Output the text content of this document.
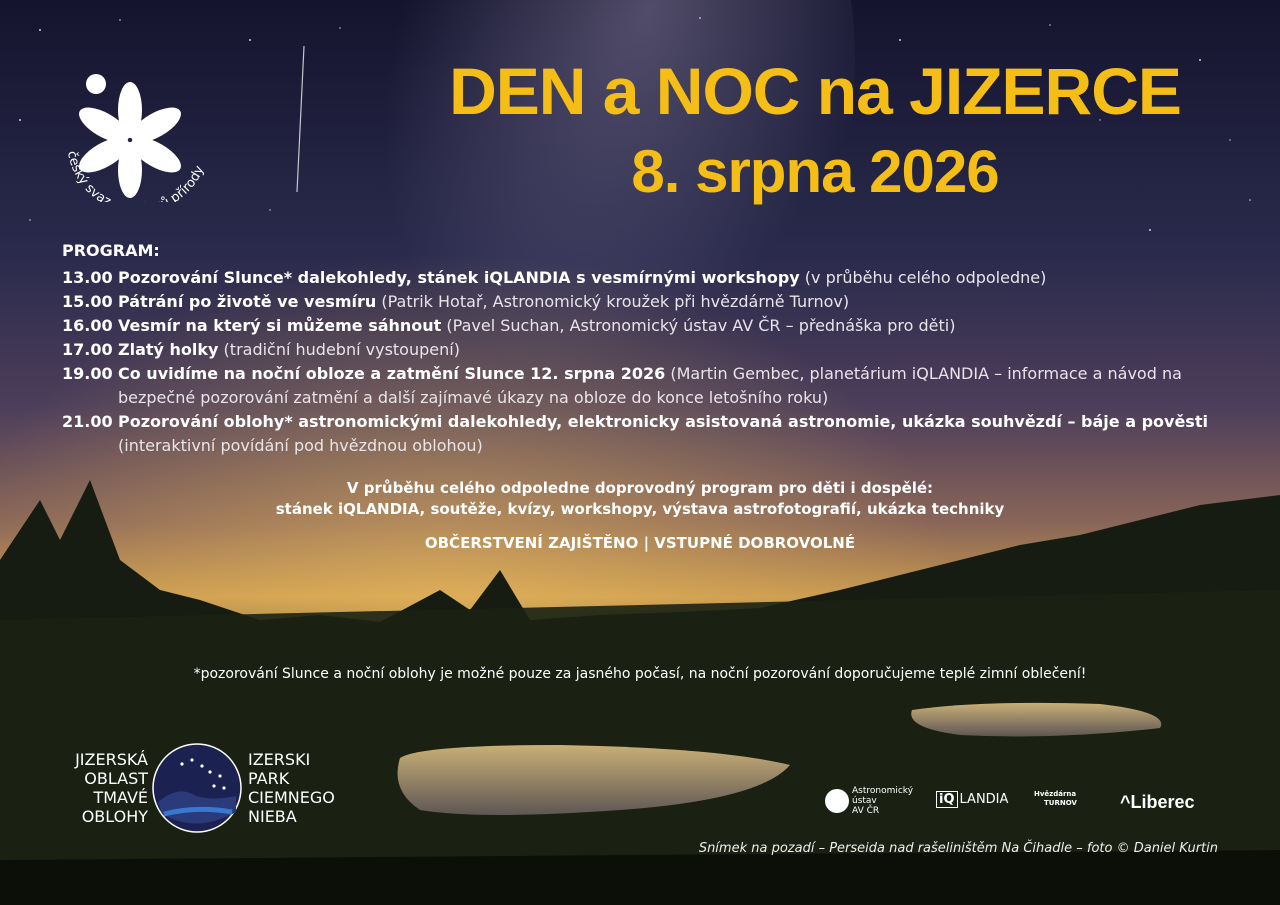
český svaz přírody
DEN a NOC na JIZERCE
8. srpna 2026
PROGRAM:
13.00 Pozorování Slunce* dalekohledy, stánek iQLANDIA s vesmírnými workshopy (v průběhu celého odpoledne)
15.00 Pátrání po životě ve vesmíru (Patrik Hotař, Astronomický kroužek při hvězdárně Turnov)
16.00 Vesmír na který si můžeme sáhnout (Pavel Suchan, Astronomický ústav AV ČR – přednáška pro děti)
17.00 Zlatý holky (tradiční hudební vystoupení)
19.00 Co uvidíme na noční obloze a zatmění Slunce 12. srpna 2026 (Martin Gembec, planetárium iQLANDIA – informace a návod na bezpečné pozorování zatmění a další zajímavé úkazy na obloze do konce letošního roku)
21.00 Pozorování oblohy* astronomickými dalekohledy, elektronicky asistovaná astronomie, ukázka souhvězdí – báje a pověsti (interaktivní povídání pod hvězdnou oblohou)
V průběhu celého odpoledne doprovodný program pro děti i dospělé:
stánek iQLANDIA, soutěže, kvízy, workshopy, výstava astrofotografií, ukázka techniky
OBČERSTVENÍ ZAJIŠTĚNO | VSTUPNÉ DOBROVOLNÉ
*pozorování Slunce a noční oblohy je možné pouze za jasného počasí, na noční pozorování doporučujeme teplé zimní oblečení!
JIZERSKÁ
OBLAST
TMAVÉ
OBLOHY
IZERSKI
PARK
CIEMNEGO
NIEBA
asu
Astronomický
ústav
AV ČR
iQ LANDIA	Hvězdárna
TURNOV ^Liberec
Snímek na pozadí – Perseida nad rašeliništěm Na Čihadle – foto © Daniel Kurtin
